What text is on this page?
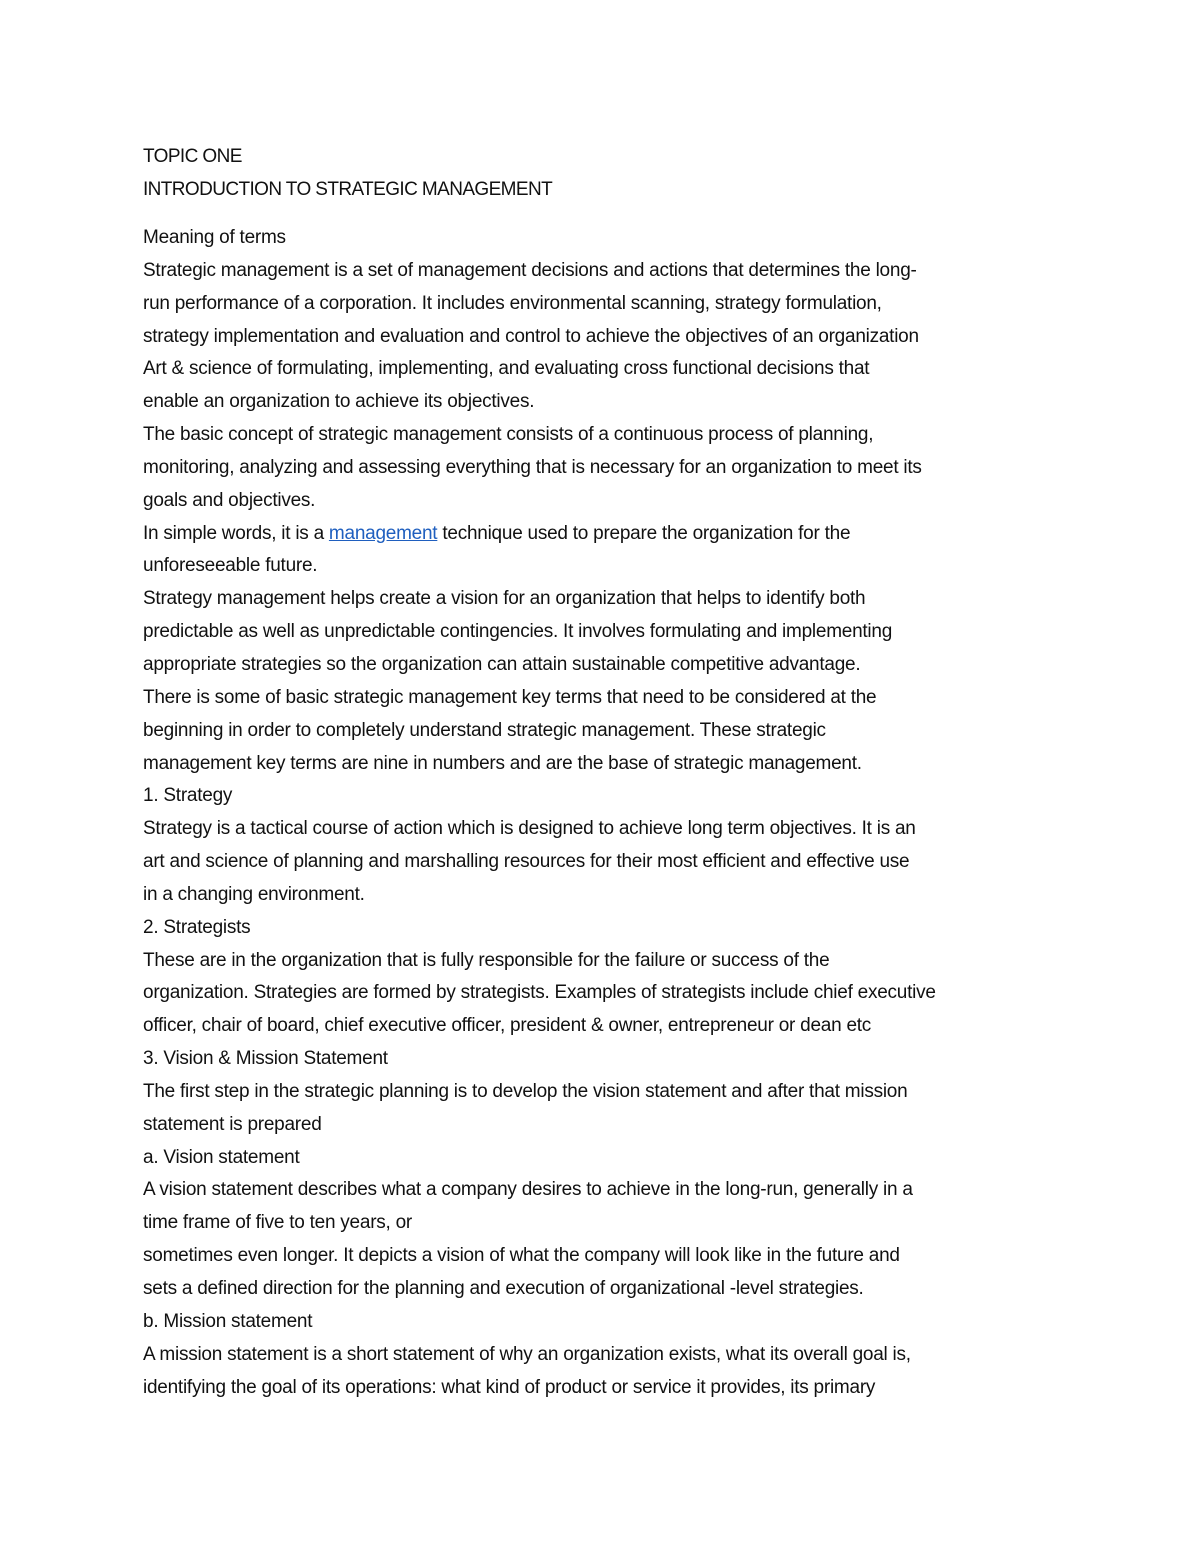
TOPIC ONE
INTRODUCTION TO STRATEGIC MANAGEMENT
Meaning of terms
Strategic management is a set of management decisions and actions that determines the long-
run performance of a corporation. It includes environmental scanning, strategy formulation,
strategy implementation and evaluation and control to achieve the objectives of an organization
Art & science of formulating, implementing, and evaluating cross functional decisions that
enable an organization to achieve its objectives.
The basic concept of strategic management consists of a continuous process of planning,
monitoring, analyzing and assessing everything that is necessary for an organization to meet its
goals and objectives.
In simple words, it is a management technique used to prepare the organization for the
unforeseeable future.
Strategy management helps create a vision for an organization that helps to identify both
predictable as well as unpredictable contingencies. It involves formulating and implementing
appropriate strategies so the organization can attain sustainable competitive advantage.
There is some of basic strategic management key terms that need to be considered at the
beginning in order to completely understand strategic management. These strategic
management key terms are nine in numbers and are the base of strategic management.
1. Strategy
Strategy is a tactical course of action which is designed to achieve long term objectives. It is an
art and science of planning and marshalling resources for their most efficient and effective use
in a changing environment.
2. Strategists
These are in the organization that is fully responsible for the failure or success of the
organization. Strategies are formed by strategists. Examples of strategists include chief executive
officer, chair of board, chief executive officer, president & owner, entrepreneur or dean etc
3. Vision & Mission Statement
The first step in the strategic planning is to develop the vision statement and after that mission
statement is prepared
a. Vision statement
A vision statement describes what a company desires to achieve in the long-run, generally in a
time frame of five to ten years, or
sometimes even longer. It depicts a vision of what the company will look like in the future and
sets a defined direction for the planning and execution of organizational -level strategies.
b. Mission statement
A mission statement is a short statement of why an organization exists, what its overall goal is,
identifying the goal of its operations: what kind of product or service it provides, its primary
